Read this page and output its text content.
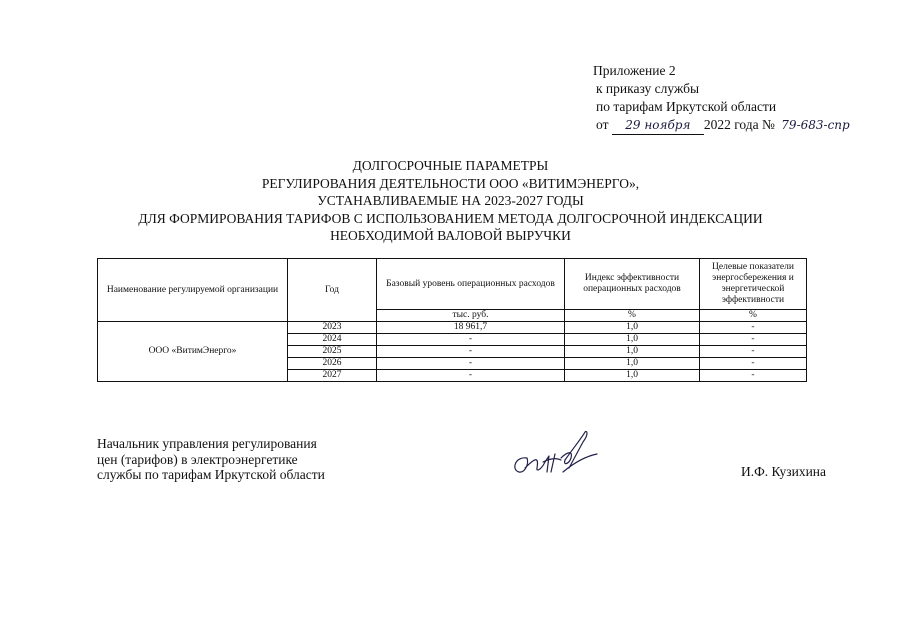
Приложение 2
к приказу службы
по тарифам Иркутской области
от 29 ноября 2022 года № 79-683-спр
ДОЛГОСРОЧНЫЕ ПАРАМЕТРЫ
РЕГУЛИРОВАНИЯ ДЕЯТЕЛЬНОСТИ ООО «ВИТИМЭНЕРГО»,
УСТАНАВЛИВАЕМЫЕ НА 2023-2027 ГОДЫ
ДЛЯ ФОРМИРОВАНИЯ ТАРИФОВ С ИСПОЛЬЗОВАНИЕМ МЕТОДА ДОЛГОСРОЧНОЙ ИНДЕКСАЦИИ
НЕОБХОДИМОЙ ВАЛОВОЙ ВЫРУЧКИ
Наименование регулируемой организации	Год	Базовый уровень операционных расходов	Индекс эффективности операционных расходов	Целевые показатели энергосбережения и энергетической эффективности
		тыс. руб.	%	%
ООО «ВитимЭнерго»	2023	18 961,7	1,0	-
	2024	-	1,0	-
	2025	-	1,0	-
	2026	-	1,0	-
	2027	-	1,0	-
Начальник управления регулирования
цен (тарифов) в электроэнергетике
службы по тарифам Иркутской области	И.Ф. Кузихина
